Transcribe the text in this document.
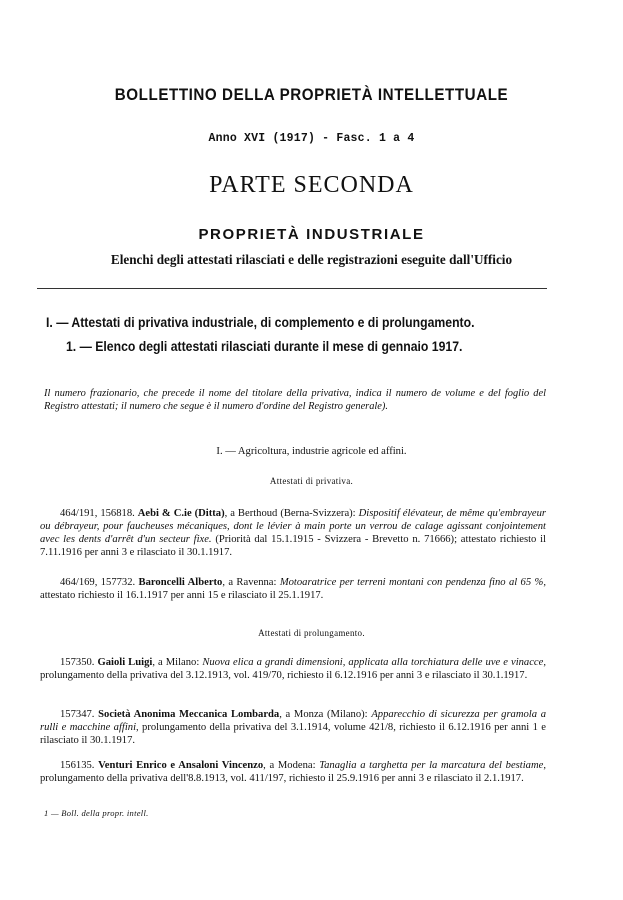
BOLLETTINO DELLA PROPRIETÀ INTELLETTUALE
Anno XVI (1917) - Fasc. 1 a 4
PARTE SECONDA
PROPRIETÀ INDUSTRIALE
Elenchi degli attestati rilasciati e delle registrazioni eseguite dall'Ufficio
I. — Attestati di privativa industriale, di complemento e di prolungamento.
1. — Elenco degli attestati rilasciati durante il mese di gennaio 1917.
Il numero frazionario, che precede il nome del titolare della privativa, indica il numero de volume e del foglio del Registro attestati; il numero che segue è il numero d'ordine del Registro generale).
I. — Agricoltura, industrie agricole ed affini.
Attestati di privativa.
464/191, 156818. Aebi & C.ie (Ditta), a Berthoud (Berna-Svizzera): Dispositif élévateur, de même qu'embrayeur ou débrayeur, pour faucheuses mécaniques, dont le lévier à main porte un verrou de calage agissant conjointement avec les dents d'arrêt d'un secteur fixe. (Priorità dal 15.1.1915 - Svizzera - Brevetto n. 71666); attestato richiesto il 7.11.1916 per anni 3 e rilasciato il 30.1.1917.
464/169, 157732. Baroncelli Alberto, a Ravenna: Motoaratrice per terreni montani con pendenza fino al 65 %, attestato richiesto il 16.1.1917 per anni 15 e rilasciato il 25.1.1917.
Attestati di prolungamento.
157350. Gaioli Luigi, a Milano: Nuova elica a grandi dimensioni, applicata alla torchiatura delle uve e vinacce, prolungamento della privativa del 3.12.1913, vol. 419/70, richiesto il 6.12.1916 per anni 3 e rilasciato il 30.1.1917.
157347. Società Anonima Meccanica Lombarda, a Monza (Milano): Apparecchio di sicurezza per gramola a rulli e macchine affini, prolungamento della privativa del 3.1.1914, volume 421/8, richiesto il 6.12.1916 per anni 1 e rilasciato il 30.1.1917.
156135. Venturi Enrico e Ansaloni Vincenzo, a Modena: Tanaglia a targhetta per la marcatura del bestiame, prolungamento della privativa dell'8.8.1913, vol. 411/197, richiesto il 25.9.1916 per anni 3 e rilasciato il 2.1.1917.
1 — Boll. della propr. intell.
